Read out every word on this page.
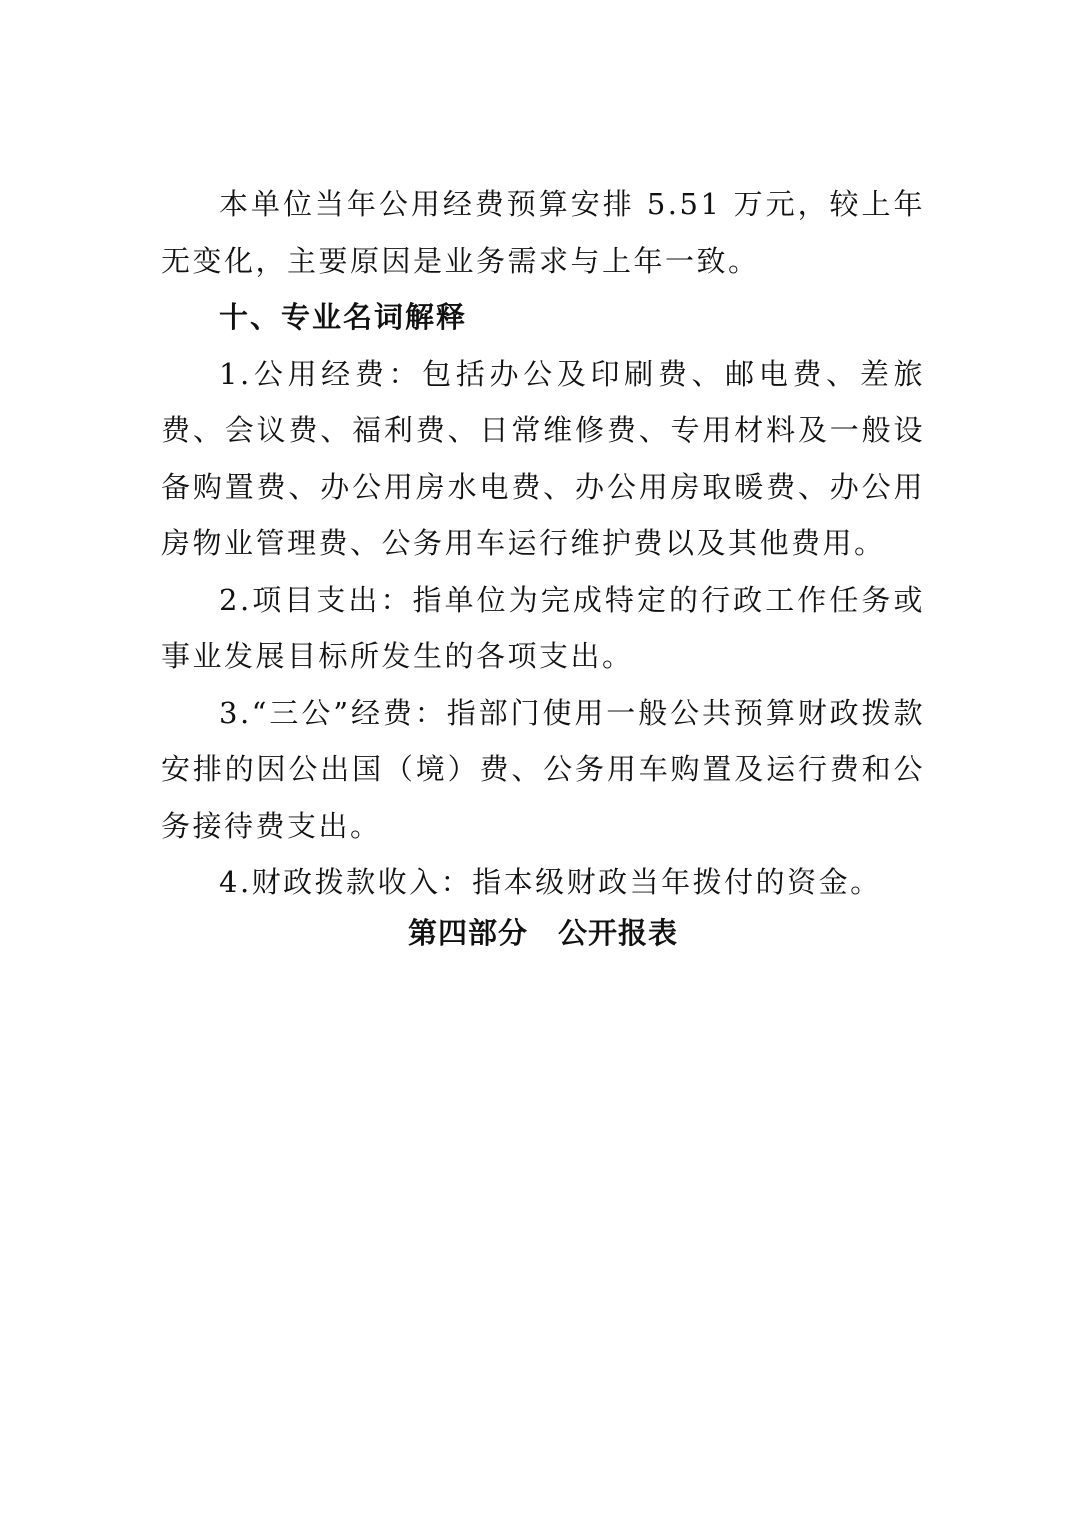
本单位当年公用经费预算安排 5.51 万元，较上年无变化，主要原因是业务需求与上年一致。

十、专业名词解释

1.公用经费：包括办公及印刷费、邮电费、差旅费、会议费、福利费、日常维修费、专用材料及一般设备购置费、办公用房水电费、办公用房取暖费、办公用房物业管理费、公务用车运行维护费以及其他费用。

2.项目支出：指单位为完成特定的行政工作任务或事业发展目标所发生的各项支出。

3.“三公”经费：指部门使用一般公共预算财政拨款安排的因公出国（境）费、公务用车购置及运行费和公务接待费支出。

4.财政拨款收入：指本级财政当年拨付的资金。

第四部分　公开报表
